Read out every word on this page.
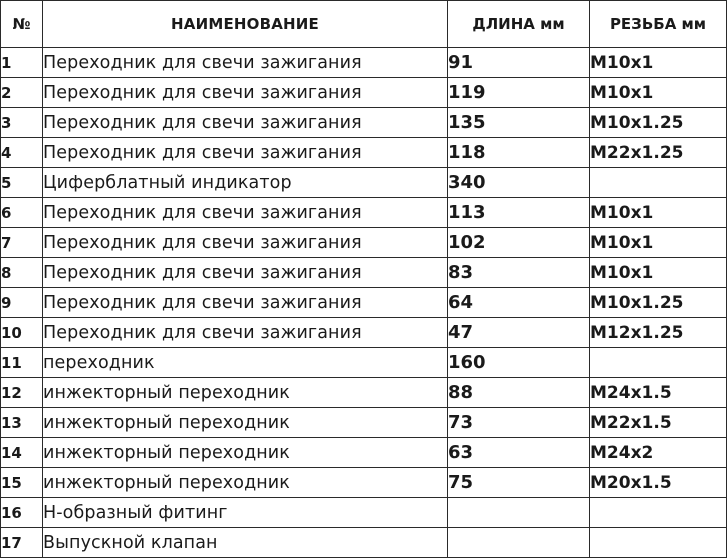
№	НАИМЕНОВАНИЕ	ДЛИНА мм	РЕЗЬБА мм
1	Переходник для свечи зажигания	91	M10x1
2	Переходник для свечи зажигания	119	M10x1
3	Переходник для свечи зажигания	135	M10x1.25
4	Переходник для свечи зажигания	118	M22x1.25
5	Циферблатный индикатор	340	
6	Переходник для свечи зажигания	113	M10x1
7	Переходник для свечи зажигания	102	M10x1
8	Переходник для свечи зажигания	83	M10x1
9	Переходник для свечи зажигания	64	M10x1.25
10	Переходник для свечи зажигания	47	M12x1.25
11	переходник	160	
12	инжекторный переходник	88	M24x1.5
13	инжекторный переходник	73	M22x1.5
14	инжекторный переходник	63	M24x2
15	инжекторный переходник	75	M20x1.5
16	Н-образный фитинг		
17	Выпускной клапан		
